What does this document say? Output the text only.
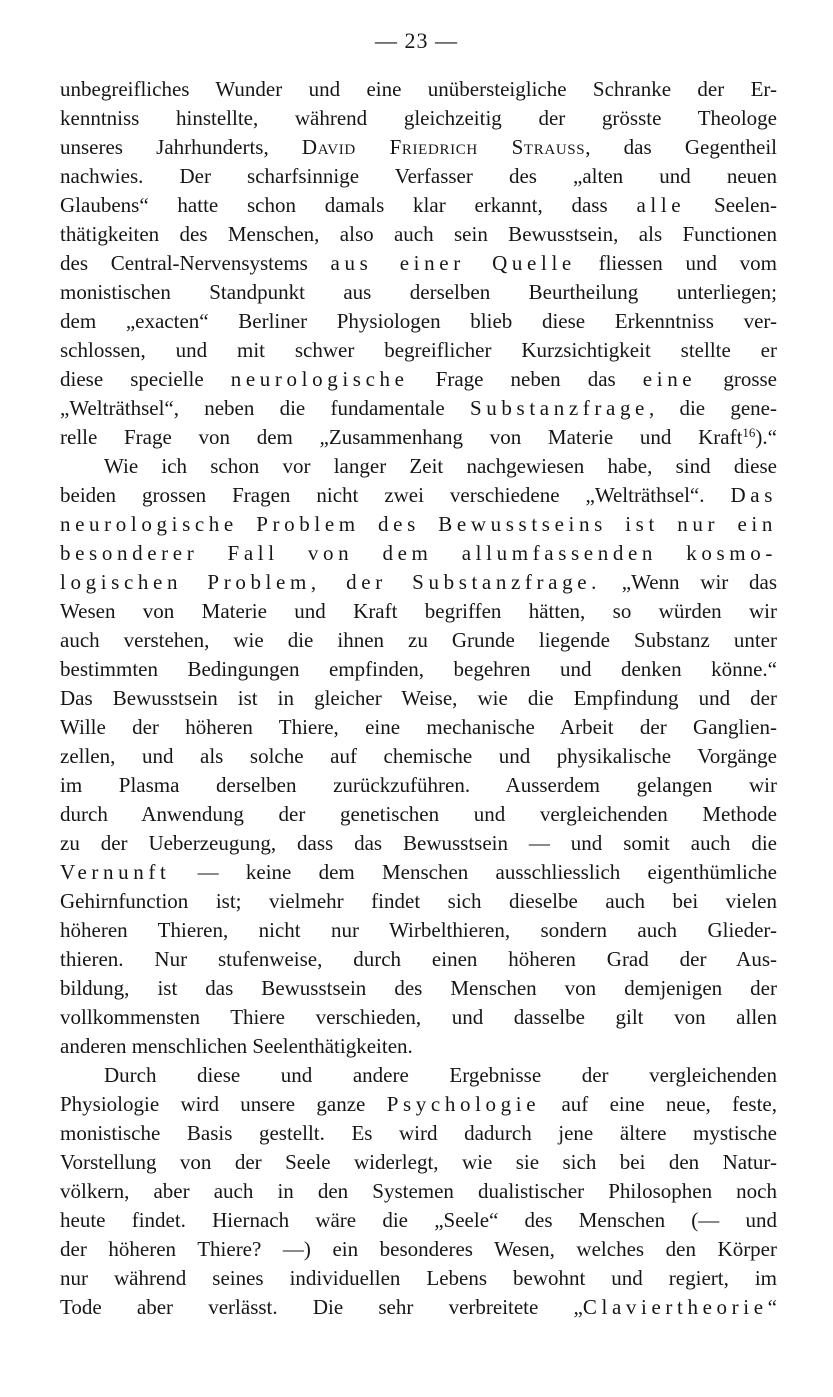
— 23 —
unbegreifliches Wunder und eine unübersteigliche Schranke der Er-
kenntniss hinstellte, während gleichzeitig der grösste Theologe
unseres Jahrhunderts, David Friedrich Strauss, das Gegentheil
nachwies. Der scharfsinnige Verfasser des „alten und neuen
Glaubens“ hatte schon damals klar erkannt, dass alle Seelen-
thätigkeiten des Menschen, also auch sein Bewusstsein, als Functionen
des Central-Nervensystems aus einer Quelle fliessen und vom
monistischen Standpunkt aus derselben Beurtheilung unterliegen;
dem „exacten“ Berliner Physiologen blieb diese Erkenntniss ver-
schlossen, und mit schwer begreiflicher Kurzsichtigkeit stellte er
diese specielle neurologische Frage neben das eine grosse
„Welträthsel“, neben die fundamentale Substanzfrage, die gene-
relle Frage von dem „Zusammenhang von Materie und Kraft$^{16}$).“
Wie ich schon vor langer Zeit nachgewiesen habe, sind diese
beiden grossen Fragen nicht zwei verschiedene „Welträthsel“. Das
neurologische Problem des Bewusstseins ist nur ein
besonderer Fall von dem allumfassenden kosmo-
logischen Problem, der Substanzfrage. „Wenn wir das
Wesen von Materie und Kraft begriffen hätten, so würden wir
auch verstehen, wie die ihnen zu Grunde liegende Substanz unter
bestimmten Bedingungen empfinden, begehren und denken könne.“
Das Bewusstsein ist in gleicher Weise, wie die Empfindung und der
Wille der höheren Thiere, eine mechanische Arbeit der Ganglien-
zellen, und als solche auf chemische und physikalische Vorgänge
im Plasma derselben zurückzuführen. Ausserdem gelangen wir
durch Anwendung der genetischen und vergleichenden Methode
zu der Ueberzeugung, dass das Bewusstsein — und somit auch die
Vernunft — keine dem Menschen ausschliesslich eigenthümliche
Gehirnfunction ist; vielmehr findet sich dieselbe auch bei vielen
höheren Thieren, nicht nur Wirbelthieren, sondern auch Glieder-
thieren. Nur stufenweise, durch einen höheren Grad der Aus-
bildung, ist das Bewusstsein des Menschen von demjenigen der
vollkommensten Thiere verschieden, und dasselbe gilt von allen
anderen menschlichen Seelenthätigkeiten.
Durch diese und andere Ergebnisse der vergleichenden
Physiologie wird unsere ganze Psychologie auf eine neue, feste,
monistische Basis gestellt. Es wird dadurch jene ältere mystische
Vorstellung von der Seele widerlegt, wie sie sich bei den Natur-
völkern, aber auch in den Systemen dualistischer Philosophen noch
heute findet. Hiernach wäre die „Seele“ des Menschen (— und
der höheren Thiere? —) ein besonderes Wesen, welches den Körper
nur während seines individuellen Lebens bewohnt und regiert, im
Tode aber verlässt. Die sehr verbreitete „Claviertheorie“
